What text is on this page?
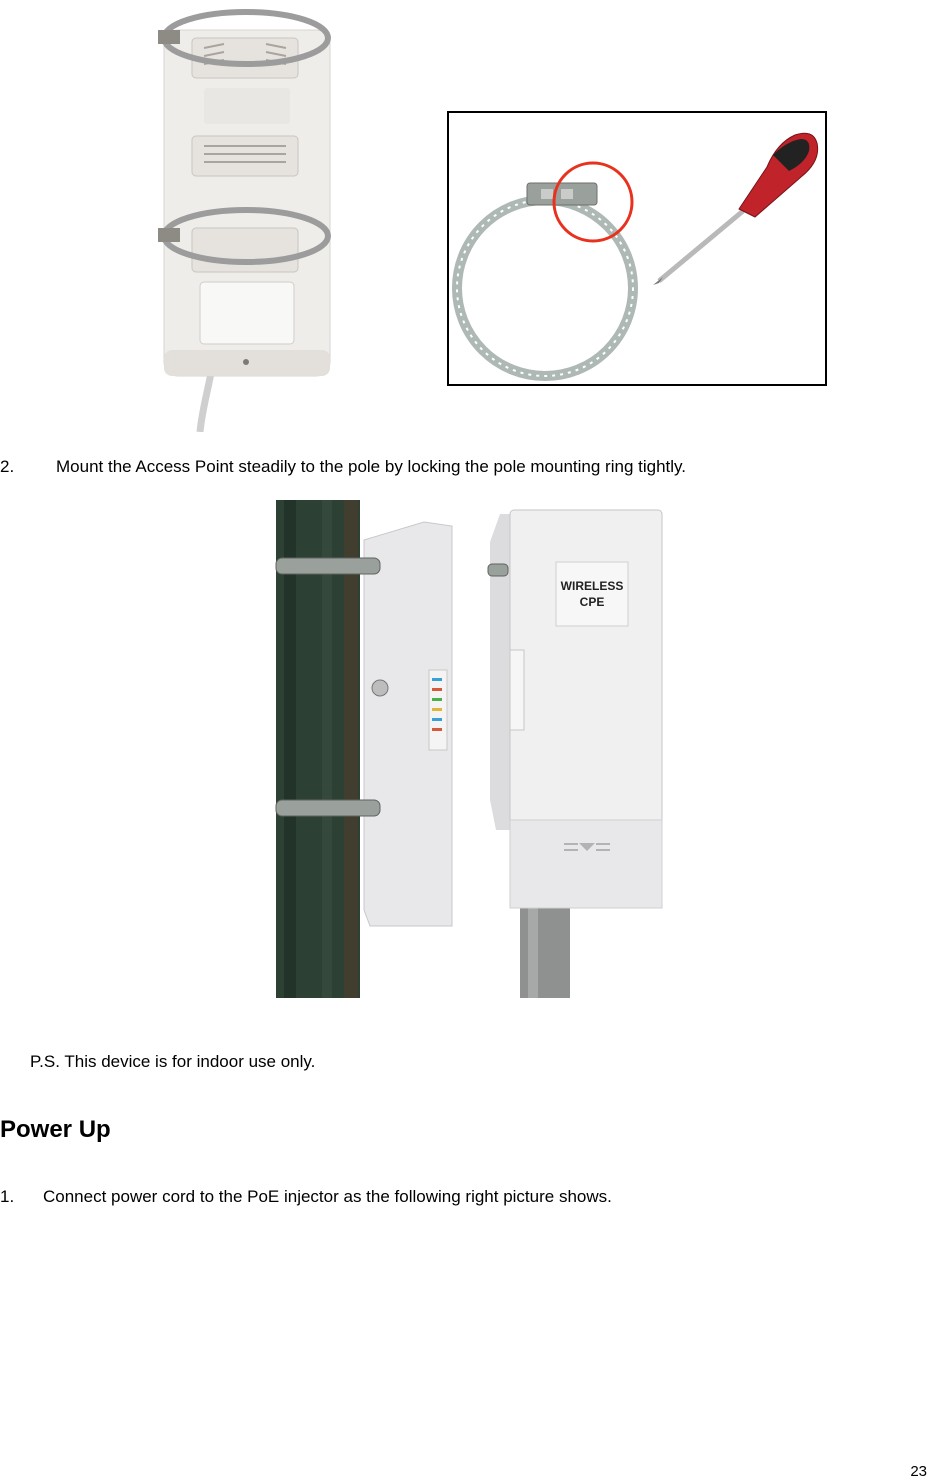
2. Mount the Access Point steadily to the pole by locking the pole mounting ring tightly.
WIRELESS
CPE
P.S. This device is for indoor use only.
Power Up
1. Connect power cord to the PoE injector as the following right picture shows.
23
